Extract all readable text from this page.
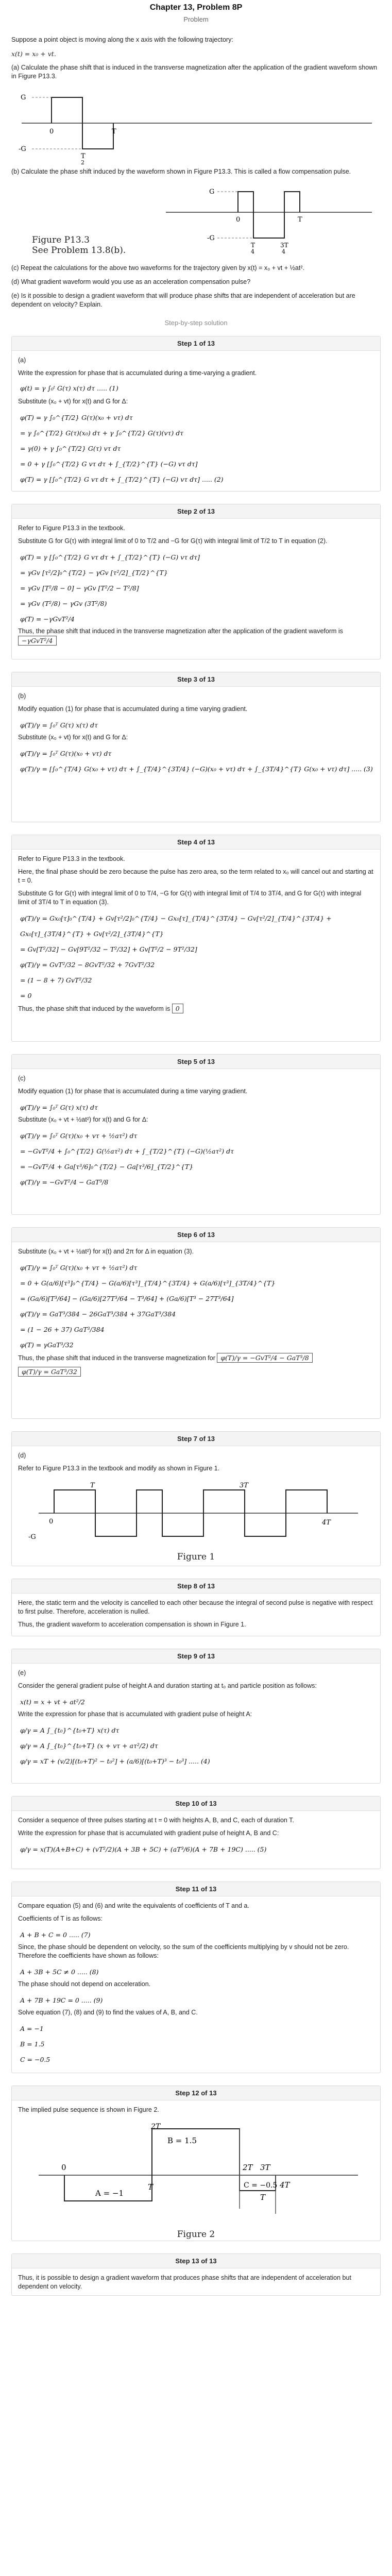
Chapter 13, Problem 8P
Problem

Suppose a point object is moving along the x axis with the following trajectory:

x(t) = x₀ + vt.

(a) Calculate the phase shift that is induced in the transverse magnetization after the application of the gradient waveform shown in Figure P13.3.

G
-G
0
T
2
T

(b) Calculate the phase shift induced by the waveform shown in Figure P13.3. This is called a flow compensation pulse.

G
-G
0
T
4
3T
4
T
Figure P13.3
See Problem 13.8(b).

(c) Repeat the calculations for the above two waveforms for the trajectory given by x(t) = x₀ + vt + ½at².

(d) What gradient waveform would you use as an acceleration compensation pulse?

(e) Is it possible to design a gradient waveform that will produce phase shifts that are independent of acceleration but are dependent on velocity? Explain.

Step-by-step solution
Step 1 of 13

(a)

Write the expression for phase that is accumulated during a time-varying a gradient.

φ(t) = γ ∫₀ᵗ G(τ) x(τ) dτ ..... (1)

Substitute (x₀ + vt) for x(t) and G for Δ:

φ(T) = γ ∫₀^{T/2} G(τ)(x₀ + vτ) dτ
= γ ∫₀^{T/2} G(τ)(x₀) dτ + γ ∫₀^{T/2} G(τ)(vτ) dτ
= γ(0) + γ ∫₀^{T/2} G(τ) vτ dτ
= 0 + γ [∫₀^{T/2} G vτ dτ + ∫_{T/2}^{T} (−G) vτ dτ]
φ(T) = γ [∫₀^{T/2} G vτ dτ + ∫_{T/2}^{T} (−G) vτ dτ] ..... (2)
Step 2 of 13

Refer to Figure P13.3 in the textbook.

Substitute G for G(τ) with integral limit of 0 to T/2 and −G for G(τ) with integral limit of T/2 to T in equation (2).

φ(T) = γ [∫₀^{T/2} G vτ dτ + ∫_{T/2}^{T} (−G) vτ dτ]
= γGv [τ²/2]₀^{T/2} − γGv [τ²/2]_{T/2}^{T}
= γGv [T²/8 − 0] − γGv [T²/2 − T²/8]
= γGv (T²/8) − γGv (3T²/8)
φ(T) = −γGvT²/4

Thus, the phase shift that induced in the transverse magnetization after the application of the gradient waveform is −γGvT²/4

Step 3 of 13

(b)

Modify equation (1) for phase that is accumulated during a time varying gradient.

φ(T)/γ = ∫₀ᵀ G(τ) x(τ) dτ

Substitute (x₀ + vt) for x(t) and G for Δ:

φ(T)/γ = ∫₀ᵀ G(τ)(x₀ + vτ) dτ
φ(T)/γ = [∫₀^{T/4} G(x₀ + vτ) dτ + ∫_{T/4}^{3T/4} (−G)(x₀ + vτ) dτ + ∫_{3T/4}^{T} G(x₀ + vτ) dτ] ..... (3)
Step 4 of 13

Refer to Figure P13.3 in the textbook.

Here, the final phase should be zero because the pulse has zero area, so the term related to x₀ will cancel out and starting at t = 0.

Substitute G for G(τ) with integral limit of 0 to T/4, −G for G(τ) with integral limit of T/4 to 3T/4, and G for G(τ) with integral limit of 3T/4 to T in equation (3).

φ(T)/γ = Gx₀[τ]₀^{T/4} + Gv[τ²/2]₀^{T/4} − Gx₀[τ]_{T/4}^{3T/4} − Gv[τ²/2]_{T/4}^{3T/4} + Gx₀[τ]_{3T/4}^{T} + Gv[τ²/2]_{3T/4}^{T}
= Gv[T²/32] − Gv[9T²/32 − T²/32] + Gv[T²/2 − 9T²/32]
φ(T)/γ = GvT²/32 − 8GvT²/32 + 7GvT²/32
= (1 − 8 + 7) GvT²/32
= 0

Thus, the phase shift that induced by the waveform is 0

Step 5 of 13

(c)

Modify equation (1) for phase that is accumulated during a time varying gradient.

φ(T)/γ = ∫₀ᵀ G(τ) x(τ) dτ

Substitute (x₀ + vt + ½at²) for x(t) and G for Δ:

φ(T)/γ = ∫₀ᵀ G(τ)(x₀ + vτ + ½aτ²) dτ
= −GvT²/4 + ∫₀^{T/2} G(½aτ²) dτ + ∫_{T/2}^{T} (−G)(½aτ²) dτ
= −GvT²/4 + Ga[τ³/6]₀^{T/2} − Ga[τ³/6]_{T/2}^{T}
φ(T)/γ = −GvT²/4 − GaT³/8
Step 6 of 13

Substitute (x₀ + vt + ½at²) for x(t) and 2π for Δ in equation (3).

φ(T)/γ = ∫₀ᵀ G(τ)(x₀ + vτ + ½aτ²) dτ
= 0 + G(a/6)[τ³]₀^{T/4} − G(a/6)[τ³]_{T/4}^{3T/4} + G(a/6)[τ³]_{3T/4}^{T}
= (Ga/6)[T³/64] − (Ga/6)[27T³/64 − T³/64] + (Ga/6)[T³ − 27T³/64]
φ(T)/γ = GaT³/384 − 26GaT³/384 + 37GaT³/384
= (1 − 26 + 37) GaT³/384
φ(T) = γGaT³/32

Thus, the phase shift that induced in the transverse magnetization for φ(T)/γ = −GvT²/4 − GaT³/8

φ(T)/γ = GaT³/32

Step 7 of 13

(d)

Refer to Figure P13.3 in the textbook and modify as shown in Figure 1.

0
-G
T	3T
4T
Figure 1
Step 8 of 13

Here, the static term and the velocity is cancelled to each other because the integral of second pulse is negative with respect to first pulse. Therefore, acceleration is nulled.

Thus, the gradient waveform to acceleration compensation is shown in Figure 1.

Step 9 of 13

(e)

Consider the general gradient pulse of height A and duration starting at t₀ and particle position as follows:

x(t) = x + vt + at²/2

Write the expression for phase that is accumulated with gradient pulse of height A:

φ/γ = A ∫_{t₀}^{t₀+T} x(τ) dτ
φ/γ = A ∫_{t₀}^{t₀+T} (x + vτ + aτ²/2) dτ
φ/γ = xT + (v/2)[(t₀+T)² − t₀²] + (a/6)[(t₀+T)³ − t₀³] ..... (4)
Step 10 of 13

Consider a sequence of three pulses starting at t = 0 with heights A, B, and C, each of duration T.

Write the expression for phase that is accumulated with gradient pulse of height A, B and C:

φ/γ = x(T)(A+B+C) + (vT²/2)(A + 3B + 5C) + (aT³/6)(A + 7B + 19C) ..... (5)
Step 11 of 13

Compare equation (5) and (6) and write the equivalents of coefficients of T and a.

Coefficients of T is as follows:

A + B + C = 0 ..... (7)

Since, the phase should be dependent on velocity, so the sum of the coefficients multiplying by v should not be zero. Therefore the coefficients have shown as follows:

A + 3B + 5C ≠ 0 ..... (8)

The phase should not depend on acceleration.

A + 7B + 19C = 0 ..... (9)

Solve equation (7), (8) and (9) to find the values of A, B, and C.

A = −1
B = 1.5
C = −0.5
Step 12 of 13

The implied pulse sequence is shown in Figure 2.

B = 1.5
A = −1
C = −0.5
0
T
2T 3T
4T
T
2T
Figure 2
Step 13 of 13

Thus, it is possible to design a gradient waveform that produces phase shifts that are independent of acceleration but dependent on velocity.
